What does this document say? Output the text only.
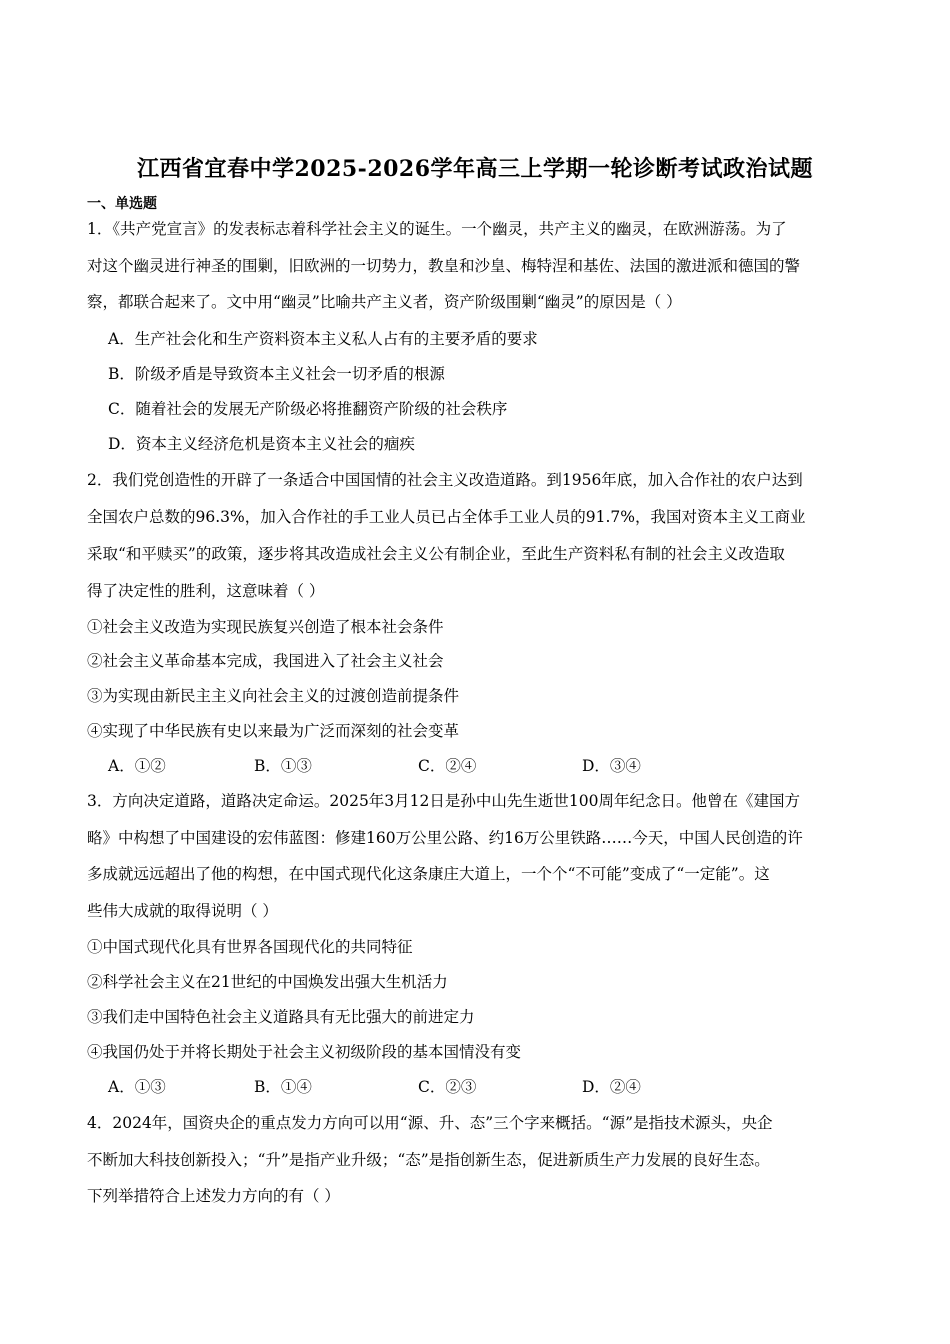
江西省宜春中学2025-2026学年高三上学期一轮诊断考试政治试题
一、单选题
1．《共产党宣言》的发表标志着科学社会主义的诞生。一个幽灵，共产主义的幽灵，在欧洲游荡。为了
对这个幽灵进行神圣的围剿，旧欧洲的一切势力，教皇和沙皇、梅特涅和基佐、法国的激进派和德国的警
察，都联合起来了。文中用“幽灵”比喻共产主义者，资产阶级围剿“幽灵”的原因是（ ）
A．生产社会化和生产资料资本主义私人占有的主要矛盾的要求
B．阶级矛盾是导致资本主义社会一切矛盾的根源
C．随着社会的发展无产阶级必将推翻资产阶级的社会秩序
D．资本主义经济危机是资本主义社会的痼疾
2．我们党创造性的开辟了一条适合中国国情的社会主义改造道路。到1956年底，加入合作社的农户达到
全国农户总数的96.3%，加入合作社的手工业人员已占全体手工业人员的91.7%，我国对资本主义工商业
采取“和平赎买”的政策，逐步将其改造成社会主义公有制企业，至此生产资料私有制的社会主义改造取
得了决定性的胜利，这意味着（ ）
①社会主义改造为实现民族复兴创造了根本社会条件
②社会主义革命基本完成，我国进入了社会主义社会
③为实现由新民主主义向社会主义的过渡创造前提条件
④实现了中华民族有史以来最为广泛而深刻的社会变革
A．①②	B．①③	C．②④	D．③④
3．方向决定道路，道路决定命运。2025年3月12日是孙中山先生逝世100周年纪念日。他曾在《建国方
略》中构想了中国建设的宏伟蓝图：修建160万公里公路、约16万公里铁路……今天，中国人民创造的许
多成就远远超出了他的构想，在中国式现代化这条康庄大道上，一个个“不可能”变成了“一定能”。这
些伟大成就的取得说明（ ）
①中国式现代化具有世界各国现代化的共同特征
②科学社会主义在21世纪的中国焕发出强大生机活力
③我们走中国特色社会主义道路具有无比强大的前进定力
④我国仍处于并将长期处于社会主义初级阶段的基本国情没有变
A．①③	B．①④	C．②③	D．②④
4．2024年，国资央企的重点发力方向可以用“源、升、态”三个字来概括。“源”是指技术源头，央企
不断加大科技创新投入；“升”是指产业升级；“态”是指创新生态，促进新质生产力发展的良好生态。
下列举措符合上述发力方向的有（ ）
